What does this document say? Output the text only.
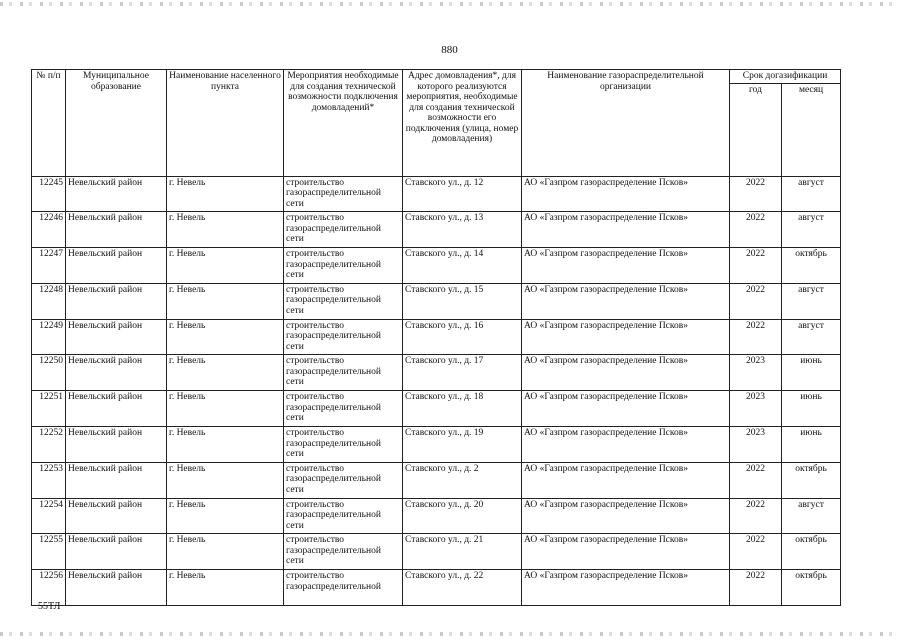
880
№ п/п	Муниципальное образование	Наименование населенного пункта	Мероприятия необходимые для создания технической возможности подключения домовладений*	Адрес домовладения*, для которого реализуются мероприятия, необходимые для создания технической возможности его подключения (улица, номер домовладения)	Наименование газораспределительной организации	Срок догазификации	
						год	месяц
12245	Невельский район	г. Невель	строительство газораспределительной сети	Ставского ул., д. 12	АО «Газпром газораспределение Псков»	2022	август
12246	Невельский район	г. Невель	строительство газораспределительной сети	Ставского ул., д. 13	АО «Газпром газораспределение Псков»	2022	август
12247	Невельский район	г. Невель	строительство газораспределительной сети	Ставского ул., д. 14	АО «Газпром газораспределение Псков»	2022	октябрь
12248	Невельский район	г. Невель	строительство газораспределительной сети	Ставского ул., д. 15	АО «Газпром газораспределение Псков»	2022	август
12249	Невельский район	г. Невель	строительство газораспределительной сети	Ставского ул., д. 16	АО «Газпром газораспределение Псков»	2022	август
12250	Невельский район	г. Невель	строительство газораспределительной сети	Ставского ул., д. 17	АО «Газпром газораспределение Псков»	2023	июнь
12251	Невельский район	г. Невель	строительство газораспределительной сети	Ставского ул., д. 18	АО «Газпром газораспределение Псков»	2023	июнь
12252	Невельский район	г. Невель	строительство газораспределительной сети	Ставского ул., д. 19	АО «Газпром газораспределение Псков»	2023	июнь
12253	Невельский район	г. Невель	строительство газораспределительной сети	Ставского ул., д. 2	АО «Газпром газораспределение Псков»	2022	октябрь
12254	Невельский район	г. Невель	строительство газораспределительной сети	Ставского ул., д. 20	АО «Газпром газораспределение Псков»	2022	август
12255	Невельский район	г. Невель	строительство газораспределительной сети	Ставского ул., д. 21	АО «Газпром газораспределение Псков»	2022	октябрь
12256	Невельский район	г. Невель	строительство газораспределительной	Ставского ул., д. 22	АО «Газпром газораспределение Псков»	2022	октябрь
55ТЛ
